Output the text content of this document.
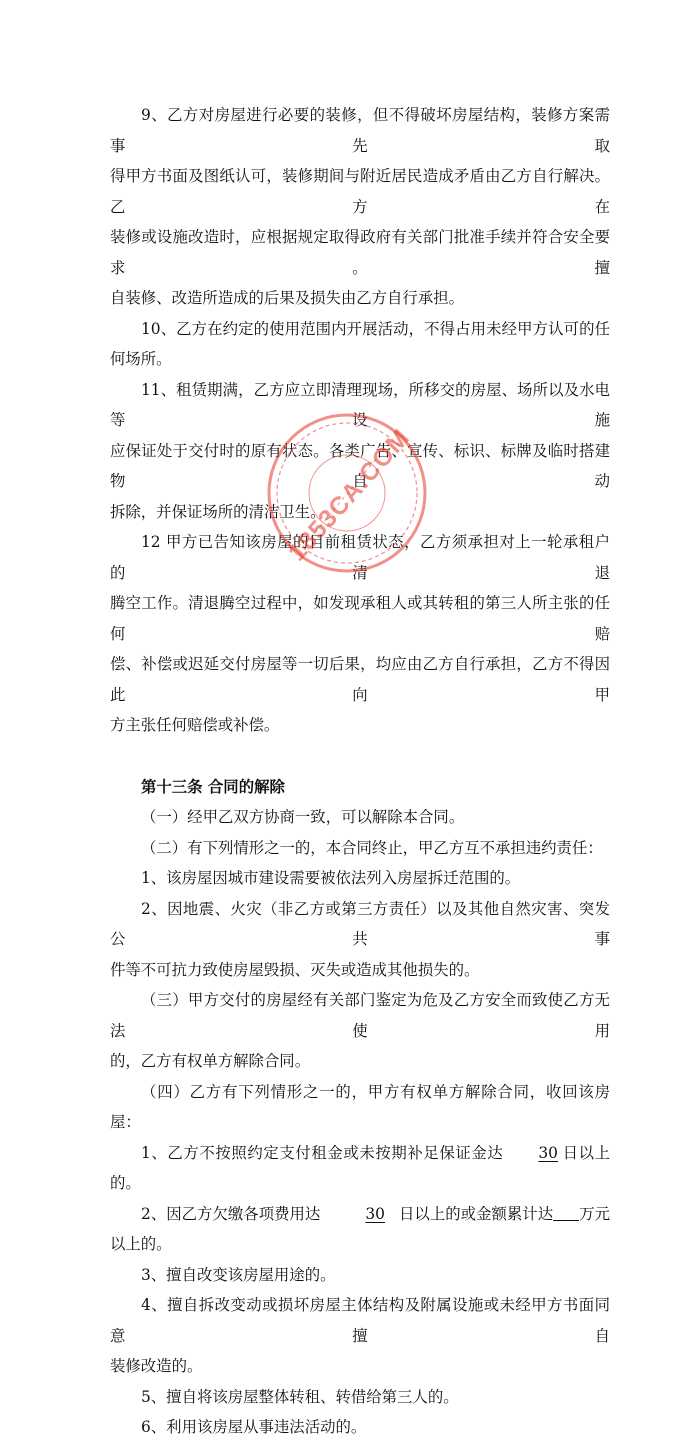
9、乙方对房屋进行必要的装修，但不得破坏房屋结构，装修方案需事先取

得甲方书面及图纸认可，装修期间与附近居民造成矛盾由乙方自行解决。乙方在

装修或设施改造时，应根据规定取得政府有关部门批准手续并符合安全要求。擅

自装修、改造所造成的后果及损失由乙方自行承担。

10、乙方在约定的使用范围内开展活动，不得占用未经甲方认可的任何场所。

11、租赁期满，乙方应立即清理现场，所移交的房屋、场所以及水电等设施

应保证处于交付时的原有状态。各类广告、宣传、标识、标牌及临时搭建物自动

拆除，并保证场所的清洁卫生。

12 甲方已告知该房屋的目前租赁状态，乙方须承担对上一轮承租户的清退

腾空工作。清退腾空过程中，如发现承租人或其转租的第三人所主张的任何赔

偿、补偿或迟延交付房屋等一切后果，均应由乙方自行承担，乙方不得因此向甲

方主张任何赔偿或补偿。

第十三条 合同的解除

（一）经甲乙双方协商一致，可以解除本合同。

（二）有下列情形之一的，本合同终止，甲乙方互不承担违约责任：

1、该房屋因城市建设需要被依法列入房屋拆迁范围的。

2、因地震、火灾（非乙方或第三方责任）以及其他自然灾害、突发公共事

件等不可抗力致使房屋毁损、灭失或造成其他损失的。

（三）甲方交付的房屋经有关部门鉴定为危及乙方安全而致使乙方无法使用

的，乙方有权单方解除合同。

（四）乙方有下列情形之一的，甲方有权单方解除合同，收回该房屋：

1、乙方不按照约定支付租金或未按期补足保证金达 30 日以上的。

2、因乙方欠缴各项费用达	30 日以上的或金额累计达 万元以上的。

3、擅自改变该房屋用途的。

4、擅自拆改变动或损坏房屋主体结构及附属设施或未经甲方书面同意擅自

装修改造的。

5、擅自将该房屋整体转租、转借给第三人的。

6、利用该房屋从事违法活动的。

1853CA.COM
